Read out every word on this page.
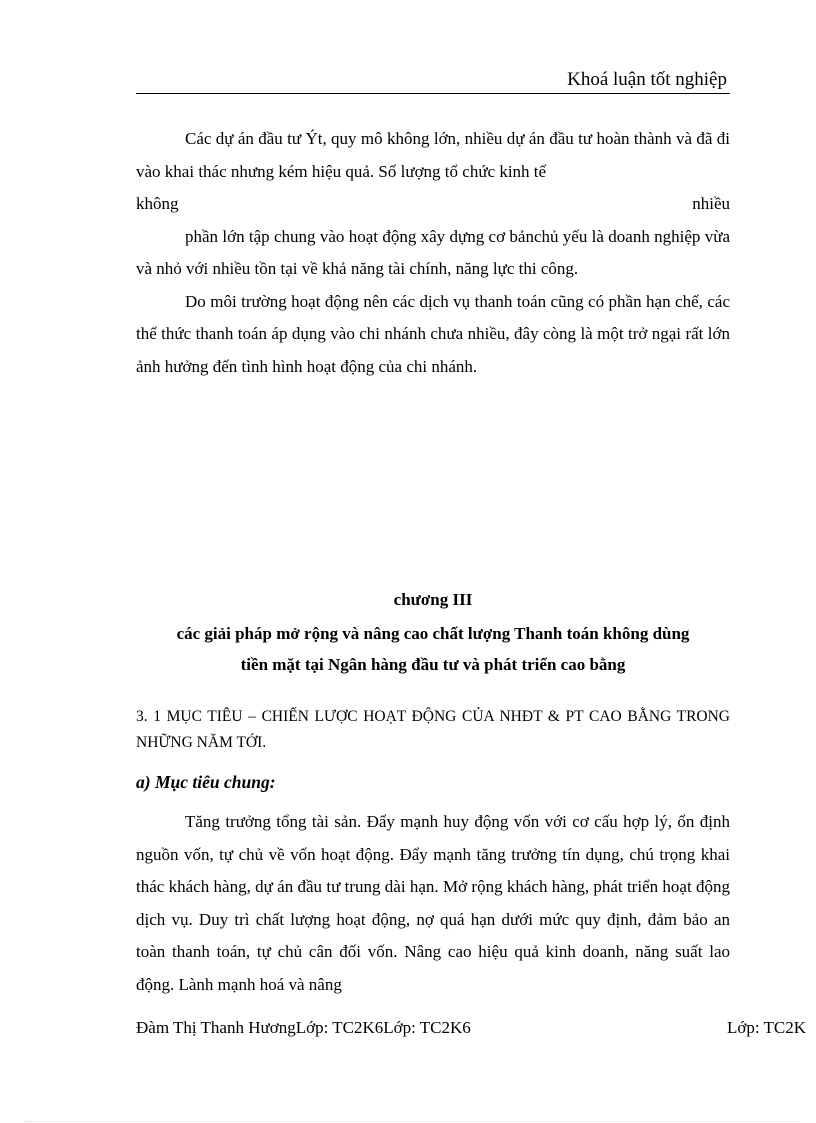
Khoá luận tốt nghiệp

Các dự án đầu tư Ýt, quy mô không lớn, nhiều dự án đầu tư hoàn thành và đã đi vào khai thác nhưng kém hiệu quả. Số lượng tổ chức kinh tế

không	nhiều

phần lớn tập chung vào hoạt động xây dựng cơ bảnchủ yếu là doanh nghiệp vừa và nhỏ với nhiều tồn tại về khả năng tài chính, năng lực thi công.

Do môi trường hoạt động nên các dịch vụ thanh toán cũng có phần hạn chế, các thể thức thanh toán áp dụng vào chi nhánh chưa nhiều, đây còng là một trở ngại rất lớn ảnh hưởng đến tình hình hoạt động của chi nhánh.

chương III
các giải pháp mở rộng và nâng cao chất lượng Thanh toán không dùng
tiền mặt tại Ngân hàng đầu tư và phát triển cao bằng
3. 1 MỤC TIÊU – CHIẾN LƯỢC HOẠT ĐỘNG CỦA NHĐT & PT CAO BẰNG TRONG NHỮNG NĂM TỚI.
a) Mục tiêu chung:

Tăng trưởng tổng tài sản. Đẩy mạnh huy động vốn với cơ cấu hợp lý, ổn định nguồn vốn, tự chủ về vốn hoạt động. Đẩy mạnh tăng trưởng tín dụng, chú trọng khai thác khách hàng, dự án đầu tư trung dài hạn. Mở rộng khách hàng, phát triển hoạt động dịch vụ. Duy trì chất lượng hoạt động, nợ quá hạn dưới mức quy định, đảm bảo an toàn thanh toán, tự chủ cân đối vốn. Nâng cao hiệu quả kinh doanh, năng suất lao động. Lành mạnh hoá và nâng

Đàm Thị Thanh HươngLớp: TC2K6Lớp: TC2K6	Lớp: TC2K
